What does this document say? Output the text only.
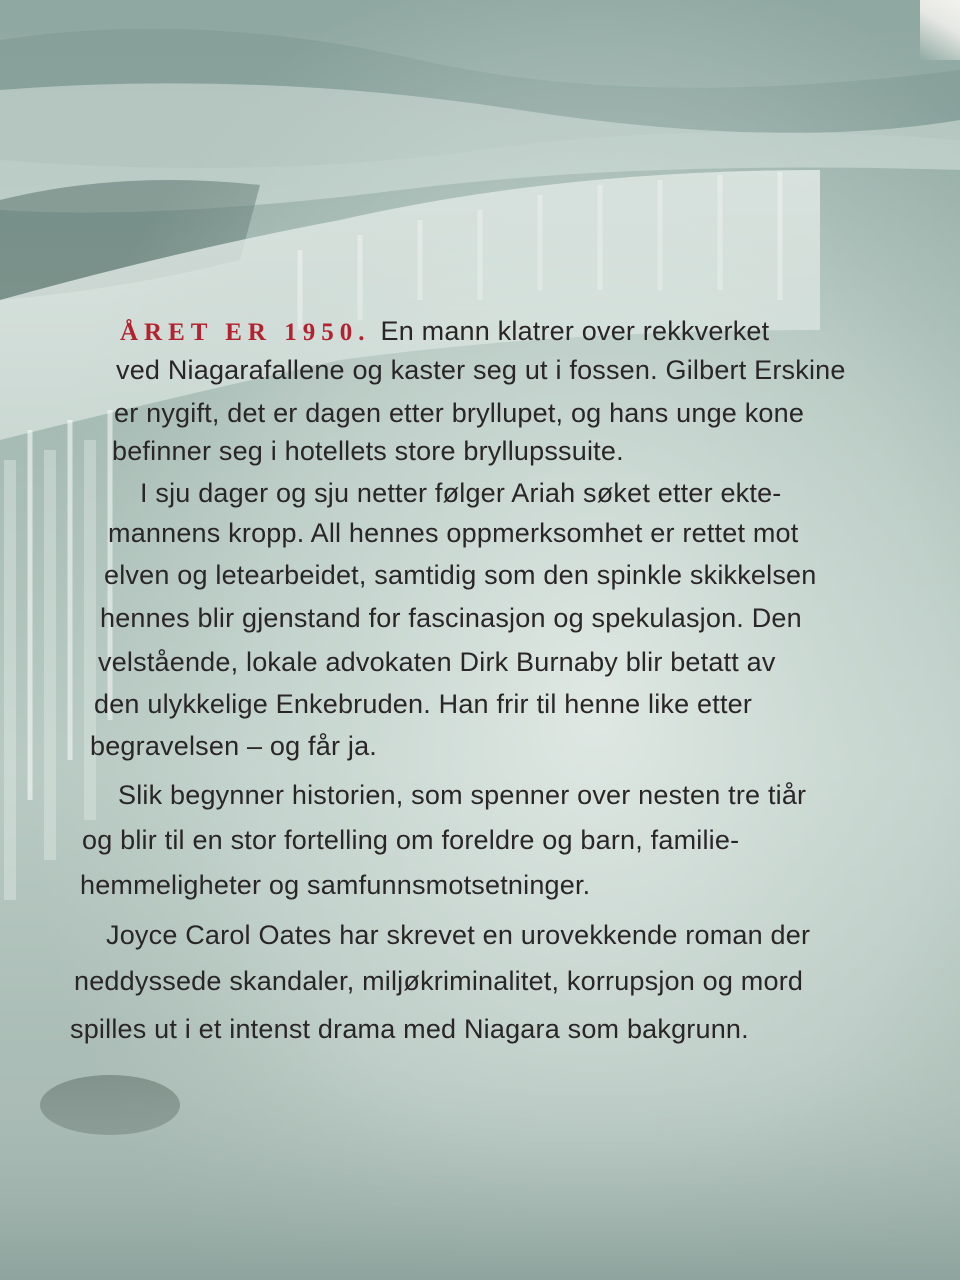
ÅRET ER 1950. En mann klatrer over rekkverket
ved Niagarafallene og kaster seg ut i fossen. Gilbert Erskine
er nygift, det er dagen etter bryllupet, og hans unge kone
befinner seg i hotellets store bryllupssuite.
I sju dager og sju netter følger Ariah søket etter ekte-
mannens kropp. All hennes oppmerksomhet er rettet mot
elven og letearbeidet, samtidig som den spinkle skikkelsen
hennes blir gjenstand for fascinasjon og spekulasjon. Den
velstående, lokale advokaten Dirk Burnaby blir betatt av
den ulykkelige Enkebruden. Han frir til henne like etter
begravelsen – og får ja.
Slik begynner historien, som spenner over nesten tre tiår
og blir til en stor fortelling om foreldre og barn, familie-
hemmeligheter og samfunnsmotsetninger.
Joyce Carol Oates har skrevet en urovekkende roman der
neddyssede skandaler, miljøkriminalitet, korrupsjon og mord
spilles ut i et intenst drama med Niagara som bakgrunn.
